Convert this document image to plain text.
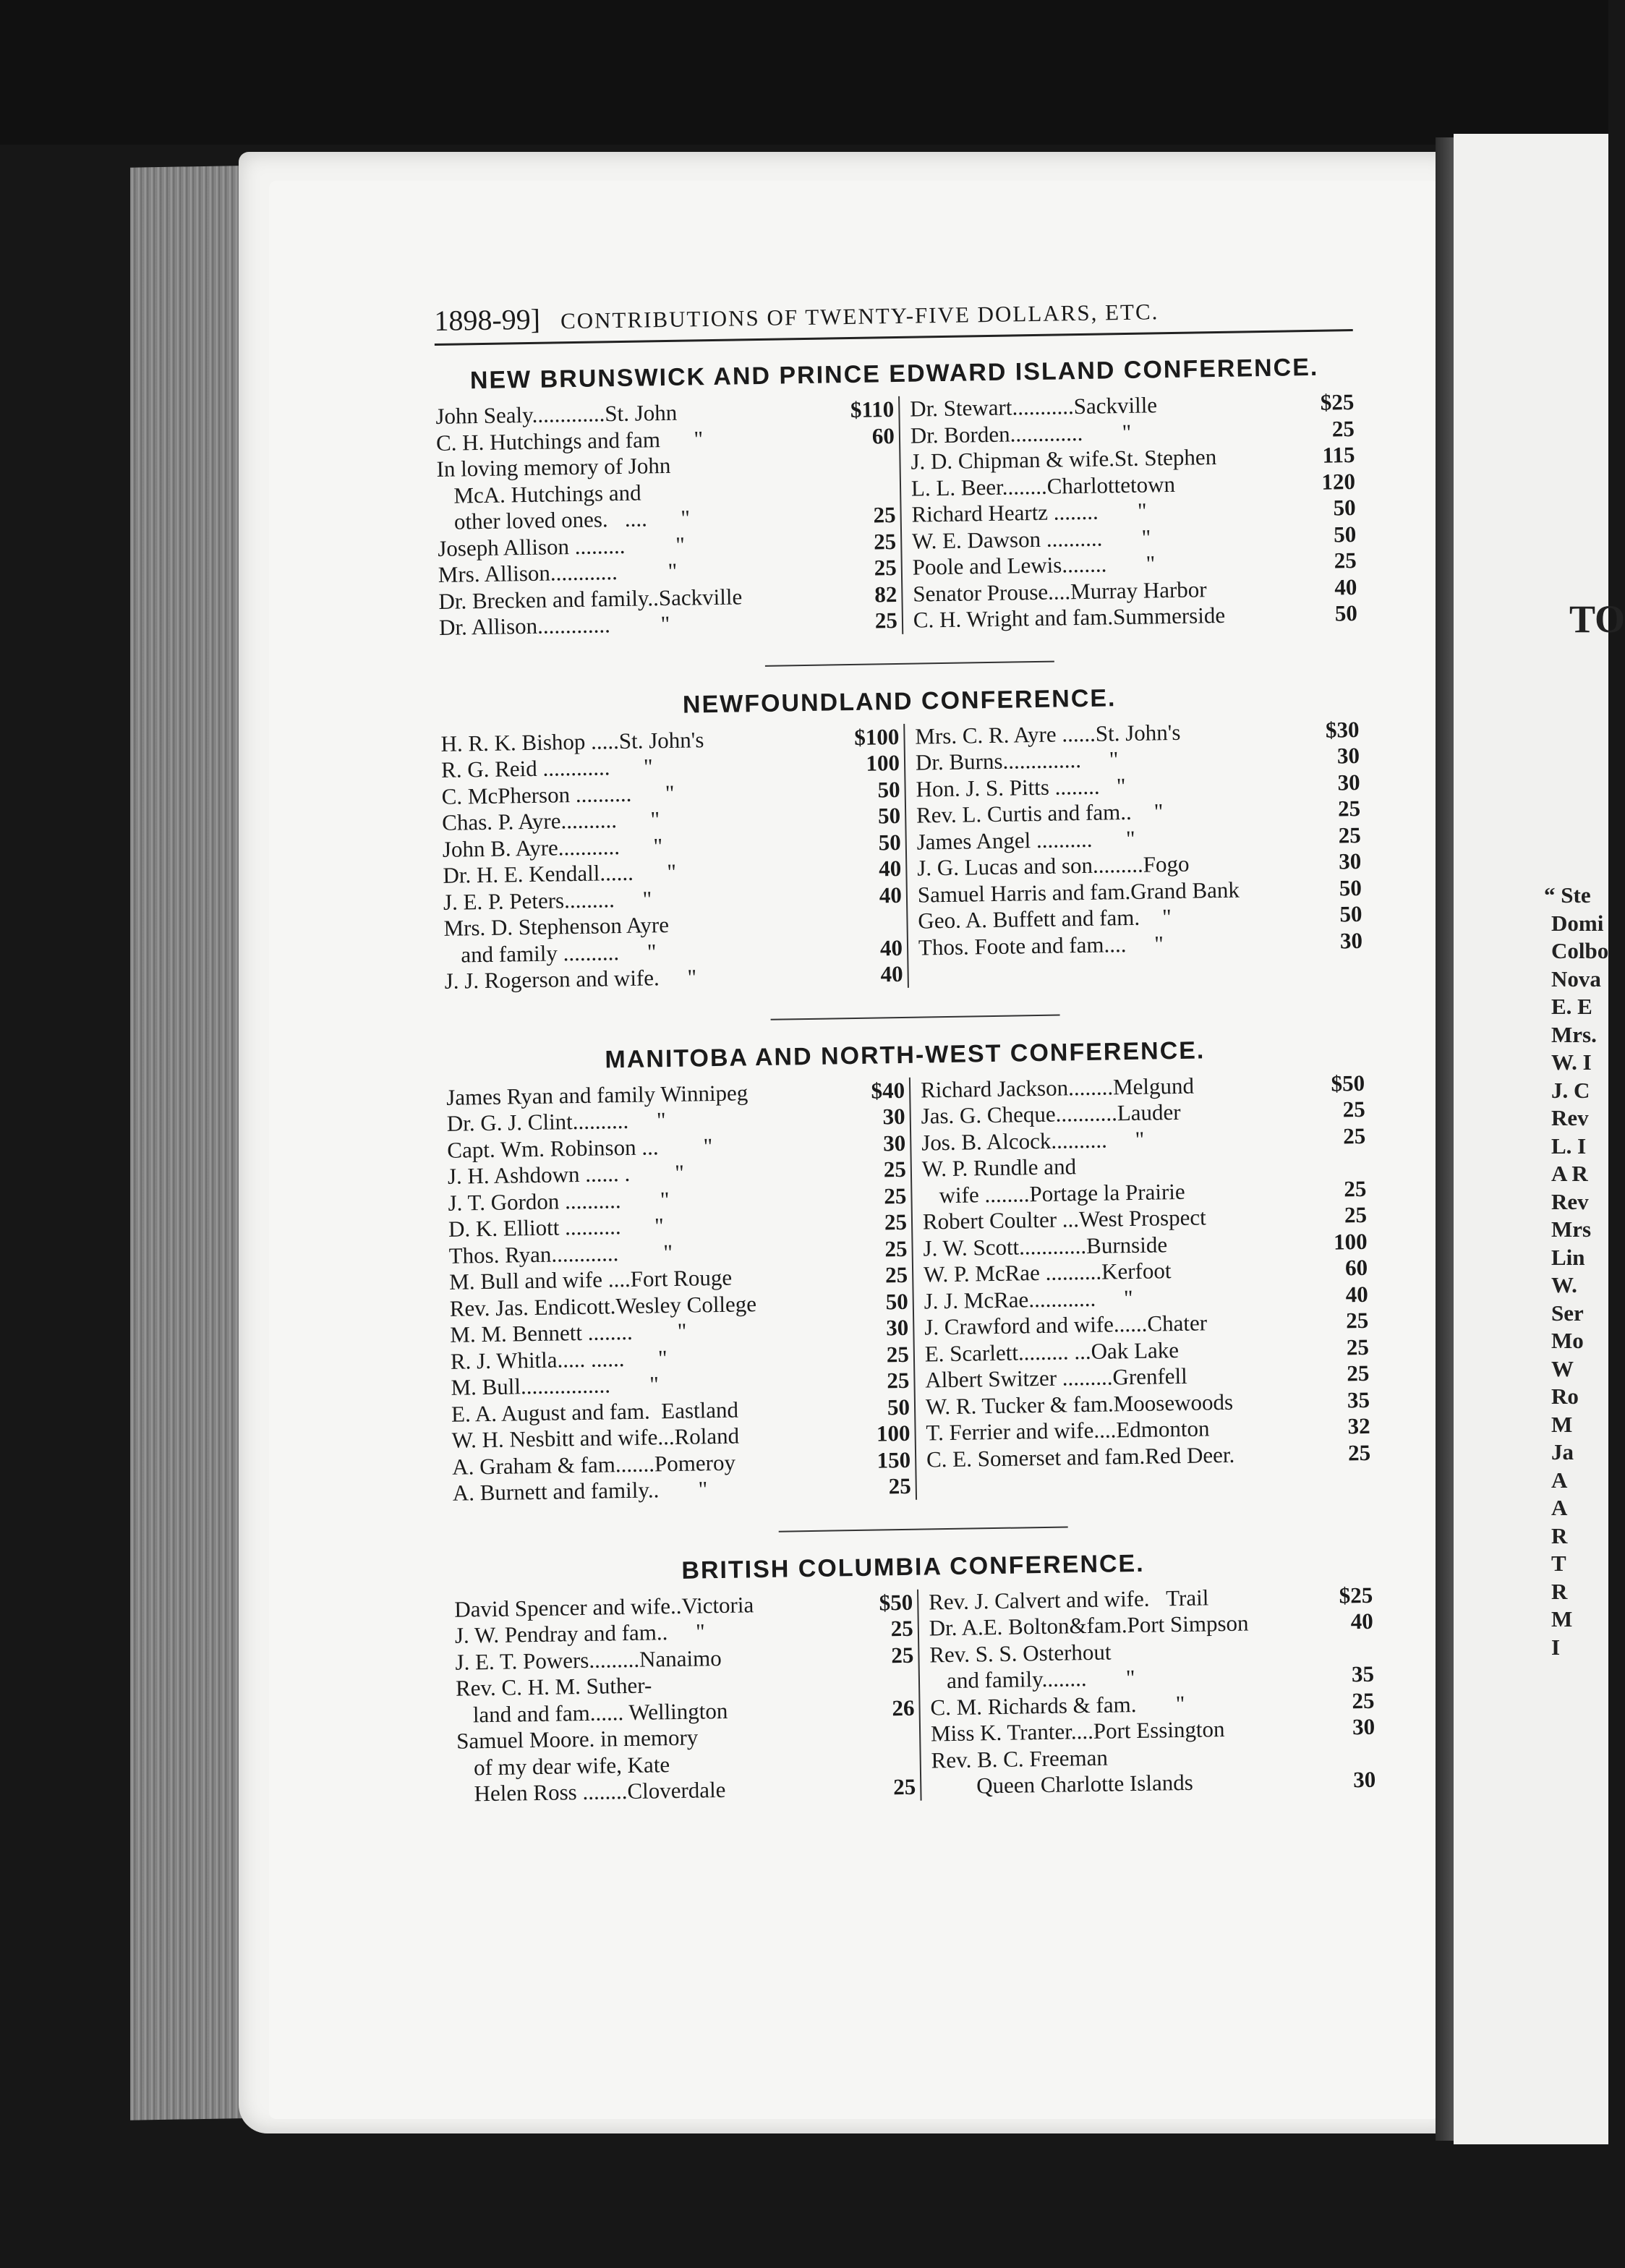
TO
“ Ste
Domi
Colbo
Nova
E. E
Mrs.
W. I
J. C
Rev
L. I
A R
Rev
Mrs
Lin
W.
Ser
Mo
W
Ro
M
Ja
A
A
R
T
R
M
I
1898-99] CONTRIBUTIONS OF TWENTY-FIVE DOLLARS, ETC.
NEW BRUNSWICK AND PRINCE EDWARD ISLAND CONFERENCE.
John Sealy.............St. John	$110
C. H. Hutchings and fam      "	60
In loving memory of John
McA. Hutchings and
other loved ones.   ....      "	25
Joseph Allison .........         "	25
Mrs. Allison............         "	25
Dr. Brecken and family..Sackville	82
Dr. Allison.............         "	25
Dr. Stewart...........Sackville	$25
Dr. Borden.............       "	25
J. D. Chipman & wife.St. Stephen	115
L. L. Beer........Charlottetown	120
Richard Heartz ........       "	50
W. E. Dawson ..........       "	50
Poole and Lewis........       "	25
Senator Prouse....Murray Harbor	40
C. H. Wright and fam.Summerside	50
NEWFOUNDLAND CONFERENCE.
H. R. K. Bishop .....St. John's	$100
R. G. Reid ............      "	100
C. McPherson ..........      "	50
Chas. P. Ayre..........      "	50
John B. Ayre...........      "	50
Dr. H. E. Kendall......      "	40
J. E. P. Peters.........     "	40
Mrs. D. Stephenson Ayre
and family ..........     "	40
J. J. Rogerson and wife.     "	40
Mrs. C. R. Ayre ......St. John's	$30
Dr. Burns..............     "	30
Hon. J. S. Pitts ........   "	30
Rev. L. Curtis and fam..    "	25
James Angel ..........      "	25
J. G. Lucas and son.........Fogo	30
Samuel Harris and fam.Grand Bank	50
Geo. A. Buffett and fam.    "	50
Thos. Foote and fam....     "	30
MANITOBA AND NORTH-WEST CONFERENCE.
James Ryan and family Winnipeg	$40
Dr. G. J. Clint..........     "	30
Capt. Wm. Robinson ...        "	30
J. H. Ashdown ...... .        "	25
J. T. Gordon ..........       "	25
D. K. Elliott ..........      "	25
Thos. Ryan............        "	25
M. Bull and wife ....Fort Rouge	25
Rev. Jas. Endicott.Wesley College	50
M. M. Bennett ........        "	30
R. J. Whitla..... ......      "	25
M. Bull................       "	25
E. A. August and fam.  Eastland	50
W. H. Nesbitt and wife...Roland	100
A. Graham & fam.......Pomeroy	150
A. Burnett and family..       "	25
Richard Jackson........Melgund	$50
Jas. G. Cheque...........Lauder	25
Jos. B. Alcock..........     "	25
W. P. Rundle and
wife ........Portage la Prairie	25
Robert Coulter ...West Prospect	25
J. W. Scott............Burnside	100
W. P. McRae ..........Kerfoot	60
J. J. McRae............     "	40
J. Crawford and wife......Chater	25
E. Scarlett......... ...Oak Lake	25
Albert Switzer .........Grenfell	25
W. R. Tucker & fam.Moosewoods	35
T. Ferrier and wife....Edmonton	32
C. E. Somerset and fam.Red Deer.	25
BRITISH COLUMBIA CONFERENCE.
David Spencer and wife..Victoria	$50
J. W. Pendray and fam..     "	25
J. E. T. Powers.........Nanaimo	25
Rev. C. H. M. Suther-
land and fam...... Wellington	26
Samuel Moore. in memory
of my dear wife, Kate
Helen Ross ........Cloverdale	25
Rev. J. Calvert and wife.   Trail	$25
Dr. A.E. Bolton&fam.Port Simpson	40
Rev. S. S. Osterhout
and family........       "	35
C. M. Richards & fam.       "	25
Miss K. Tranter....Port Essington	30
Rev. B. C. Freeman
Queen Charlotte Islands	30
